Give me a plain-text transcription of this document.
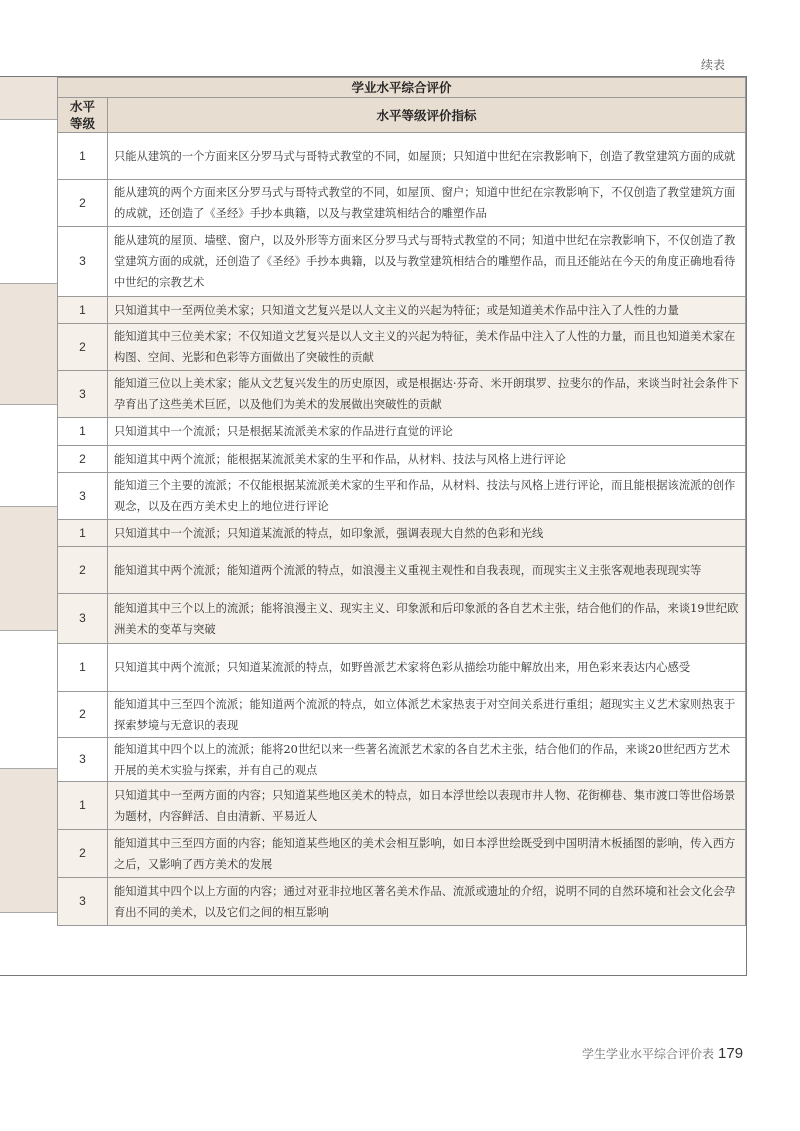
续表
学业水平综合评价	
水平等级	水平等级评价指标
1	只能从建筑的一个方面来区分罗马式与哥特式教堂的不同，如屋顶；只知道中世纪在宗教影响下，创造了教堂建筑方面的成就
2	能从建筑的两个方面来区分罗马式与哥特式教堂的不同，如屋顶、窗户；知道中世纪在宗教影响下，不仅创造了教堂建筑方面的成就，还创造了《圣经》手抄本典籍，以及与教堂建筑相结合的雕塑作品
3	能从建筑的屋顶、墙壁、窗户，以及外形等方面来区分罗马式与哥特式教堂的不同；知道中世纪在宗教影响下，不仅创造了教堂建筑方面的成就，还创造了《圣经》手抄本典籍，以及与教堂建筑相结合的雕塑作品，而且还能站在今天的角度正确地看待中世纪的宗教艺术
1	只知道其中一至两位美术家；只知道文艺复兴是以人文主义的兴起为特征；或是知道美术作品中注入了人性的力量
2	能知道其中三位美术家；不仅知道文艺复兴是以人文主义的兴起为特征，美术作品中注入了人性的力量，而且也知道美术家在构图、空间、光影和色彩等方面做出了突破性的贡献
3	能知道三位以上美术家；能从文艺复兴发生的历史原因，或是根据达·芬奇、米开朗琪罗、拉斐尔的作品，来谈当时社会条件下孕育出了这些美术巨匠，以及他们为美术的发展做出突破性的贡献
1	只知道其中一个流派；只是根据某流派美术家的作品进行直觉的评论
2	能知道其中两个流派；能根据某流派美术家的生平和作品，从材料、技法与风格上进行评论
3	能知道三个主要的流派；不仅能根据某流派美术家的生平和作品，从材料、技法与风格上进行评论，而且能根据该流派的创作观念，以及在西方美术史上的地位进行评论
1	只知道其中一个流派；只知道某流派的特点，如印象派，强调表现大自然的色彩和光线
2	能知道其中两个流派；能知道两个流派的特点，如浪漫主义重视主观性和自我表现，而现实主义主张客观地表现现实等
3	能知道其中三个以上的流派；能将浪漫主义、现实主义、印象派和后印象派的各自艺术主张，结合他们的作品，来谈19世纪欧洲美术的变革与突破
1	只知道其中两个流派；只知道某流派的特点，如野兽派艺术家将色彩从描绘功能中解放出来，用色彩来表达内心感受
2	能知道其中三至四个流派；能知道两个流派的特点，如立体派艺术家热衷于对空间关系进行重组；超现实主义艺术家则热衷于探索梦境与无意识的表现
3	能知道其中四个以上的流派；能将20世纪以来一些著名流派艺术家的各自艺术主张，结合他们的作品，来谈20世纪西方艺术开展的美术实验与探索，并有自己的观点
1	只知道其中一至两方面的内容；只知道某些地区美术的特点，如日本浮世绘以表现市井人物、花街柳巷、集市渡口等世俗场景为题材，内容鲜活、自由清新、平易近人
2	能知道其中三至四方面的内容；能知道某些地区的美术会相互影响，如日本浮世绘既受到中国明清木板插图的影响，传入西方之后，又影响了西方美术的发展
3	能知道其中四个以上方面的内容；通过对亚非拉地区著名美术作品、流派或遗址的介绍，说明不同的自然环境和社会文化会孕育出不同的美术，以及它们之间的相互影响
学生学业水平综合评价表 179
